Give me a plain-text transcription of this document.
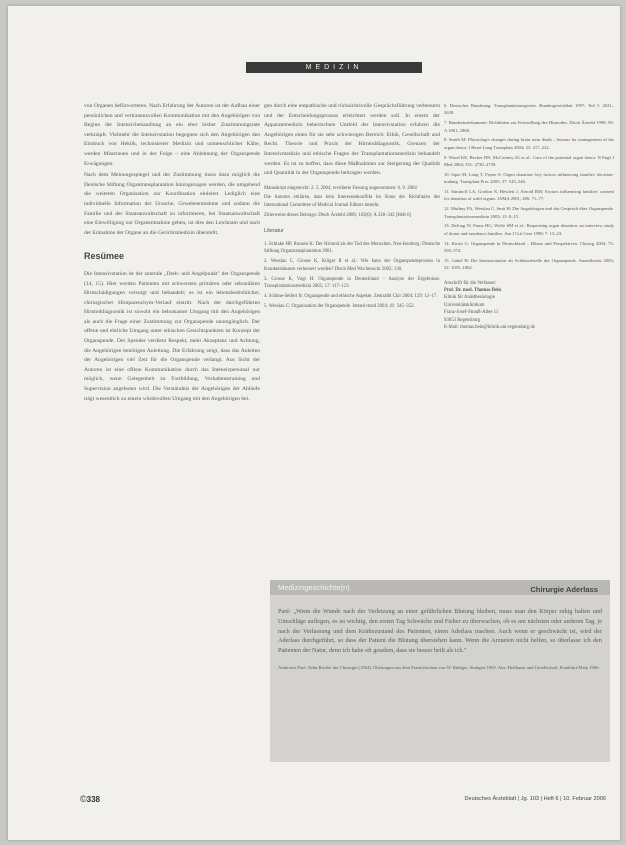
MEDIZIN

von Organen befürworteten. Nach Erfahrung der Autoren ist der Aufbau einer persönlichen und vertrauensvollen Kommunikation mit den Angehörigen von Beginn der Intensivbehandlung an ein eher bisher Zustimmungsrate verknüpft. Vielmehr die Intensivstation begegnen sich den Angehörigen den Eindruck von Hektik, technisierter Medizin und unmenschlicher Kälte, werden Misstrauen und in der Folge – eine Ablehnung der Organspende Erwägungen.

Nach dem Meinungsspiegel und der Zustimmung muss dazu möglich die Deutsche Stiftung Organtransplantation hinzugezogen werden, die umgehend die weiteren Organisation zur Koordination einleitet. Lediglich eine individuelle Information der Ursache, Gewebeentnahme und sodann die Familie und der Staatsanwaltschaft zu informieren, bei Staatsanwaltschaft eine Einwilligung zur Organentnahme geben, ist dies den Leichnam und nach der Entnahme der Organe an die Gerichtsmedizin überstellt.

Resümee

Die Intensivstation ist der zentrale „Dreh- und Angelpunkt" der Organspende (14, 15). Hier werden Patienten mit schwersten primären oder sekundären Hirnschädigungen versorgt und behandelt; es ist ein lebensbedrohlicher, chirurgischer Hirnparenchym-Verlauf eintritt. Nach der durchgeführten Hirntoddiagnostik ist sowohl ein behutsamer Umgang mit den Angehörigen als auch die Frage einer Zustimmung zur Organspende unumgänglich. Der offene und ehrliche Umgang unter ethischen Gesichtspunkten ist Konzept der Organspende. Der Spender verdient Respekt, mehr Akzeptanz und Achtung, die Angehörigen benötigen Anleitung. Die Erfahrung zeigt, dass das Anleiten der Angehörigen viel Zeit für die Organspende verlangt. Aus Sicht der Autoren ist eine offene Kommunikation durch das Intensivpersonal nur möglich, wenn Gelegenheit zu Fortbildung, Verhaltenstraining und Supervision angeboten wird. Die Verständnis der Angehörigen der Abläufe trägt wesentlich zu einem würdevollen Umgang mit den Angehörigen bei.

gen durch eine empathische und rücksichtsvolle Gesprächsführung verbessern und der Entscheidungsprozess erleichtert werden soll. In einem der Apparatemedizin beherrschten Umfeld der Intensivstation erfahren die Angehörigen einen für sie sehr schwierigen Bereich: Ethik, Gesellschaft und Recht. Theorie und Praxis der Hirntoddiagnostik, Grenzen der Intensivmedizin und ethische Fragen der Transplantationsmedizin behandelt werden. Es ist zu hoffen, dass diese Maßnahmen zur Steigerung der Qualität und Quantität in der Organspende beitragen werden.

Manuskript eingereicht: 2. 5. 2004, revidierte Fassung angenommen: 6. 9. 2004

Die Autoren erklären, dass kein Interessenkonflikt im Sinne der Richtlinien des International Committee of Medical Journal Editors besteht.

Zitierweise dieses Beitrags: Dtsch Ärztebl 2006; 103(6): A 338–342 [Heft 6]

Literatur
1. Schlake HP, Roosen K: Der Hirntod als der Tod des Menschen. Neu-Isenburg: Deutsche Stiftung Organtransplantation 2001.
2. Wesslau C, Grosse K, Krüger R et al.: Wie kann der Organspendeprozess in Krankenhäusern verbessert werden? Dtsch Med Wochenschr 2005; 130.
3. Grosse K, Vogt H: Organspende in Deutschland – Analyse der Ergebnisse. Transplantationsmedizin 2005; 17: 117–123.
4. Schöne-Seifert B: Organspende und ethische Aspekte. Zentralbl Chir 2004; 129: 12–17.
5. Wesslau C: Organisation der Organspende. Intensivmed 2004; 41: 345–352.
6. Deutscher Bundestag: Transplantationsgesetz. Bundesgesetzblatt 1997; Teil I: 2631–2639.
7. Bundesärztekammer: Richtlinien zur Feststellung des Hirntodes. Dtsch Ärztebl 1998; 95: A 1861–1868.
8. Smith M: Physiologic changes during brain stem death – lessons for management of the organ donor. J Heart Lung Transplant 2004; 23: 217–222.
9. Wood KE, Becker BN, McCartney JG et al.: Care of the potential organ donor. N Engl J Med 2004; 351: 2730–2739.
10. Sque M, Long T, Payne S: Organ donation: key factors influencing families' decision-making. Transplant Proc 2005; 37: 543–546.
11. Siminoff LA, Gordon N, Hewlett J, Arnold RM: Factors influencing families' consent for donation of solid organs. JAMA 2001; 286: 71–77.
12. Muthny FA, Wesslau C, Smit H: Die Angehörigen und das Gespräch über Organspende. Transplantationsmedizin 2003; 15: 8–15.
13. DeJong W, Franz HG, Wolfe SM et al.: Requesting organ donation: an interview study of donor and nondonor families. Am J Crit Care 1998; 7: 13–23.
14. Kirste G: Organspende in Deutschland – Bilanz und Perspektiven. Chirurg 2004; 75: 569–574.
15. Gabel H: Die Intensivstation als Schlüsselstelle der Organspende. Anaesthesist 2003; 52: 1055–1062.
Anschrift für die Verfasser:
Prof. Dr. med. Thomas Bein
Klinik für Anästhesiologie
Universitätsklinikum
Franz-Josef-Strauß-Allee 11
93053 Regensburg
E-Mail: thomas.bein@klinik.uni-regensburg.de
Medizingeschichte(n)	Chirurgie Aderlass
Paré: „Wenn die Wunde nach der Verletzung an einer gefährlichen Blutung bleiben, muss man den Körper ruhig halten und Umschläge auflegen, es ist wichtig, den ersten Tag Schwäche und Fieber zu überwachen, ob es am nächsten oder anderen Tag, je nach der Verfassung und dem Kräftezustand des Patienten, einen Aderlass machen. Auch wenn er geschwächt ist, wird der Aderlass durchgeführt, so dass der Patient die Blutung überstehen kann. Wenn die Arzneien nicht helfen, so überlasse ich den Patienten der Natur, denn ich habe oft gesehen, dass sie besser heilt als ich."
Ambroise Paré: Zehn Bücher der Chirurgie (1564). Übertragen aus dem Französischen von W. Rüdiger. Stuttgart 1965. Aus: Heilkunst und Gesellschaft, Frankfurt/Main 1966.
©338	Deutsches Ärzteblatt | Jg. 103 | Heft 6 | 10. Februar 2006
